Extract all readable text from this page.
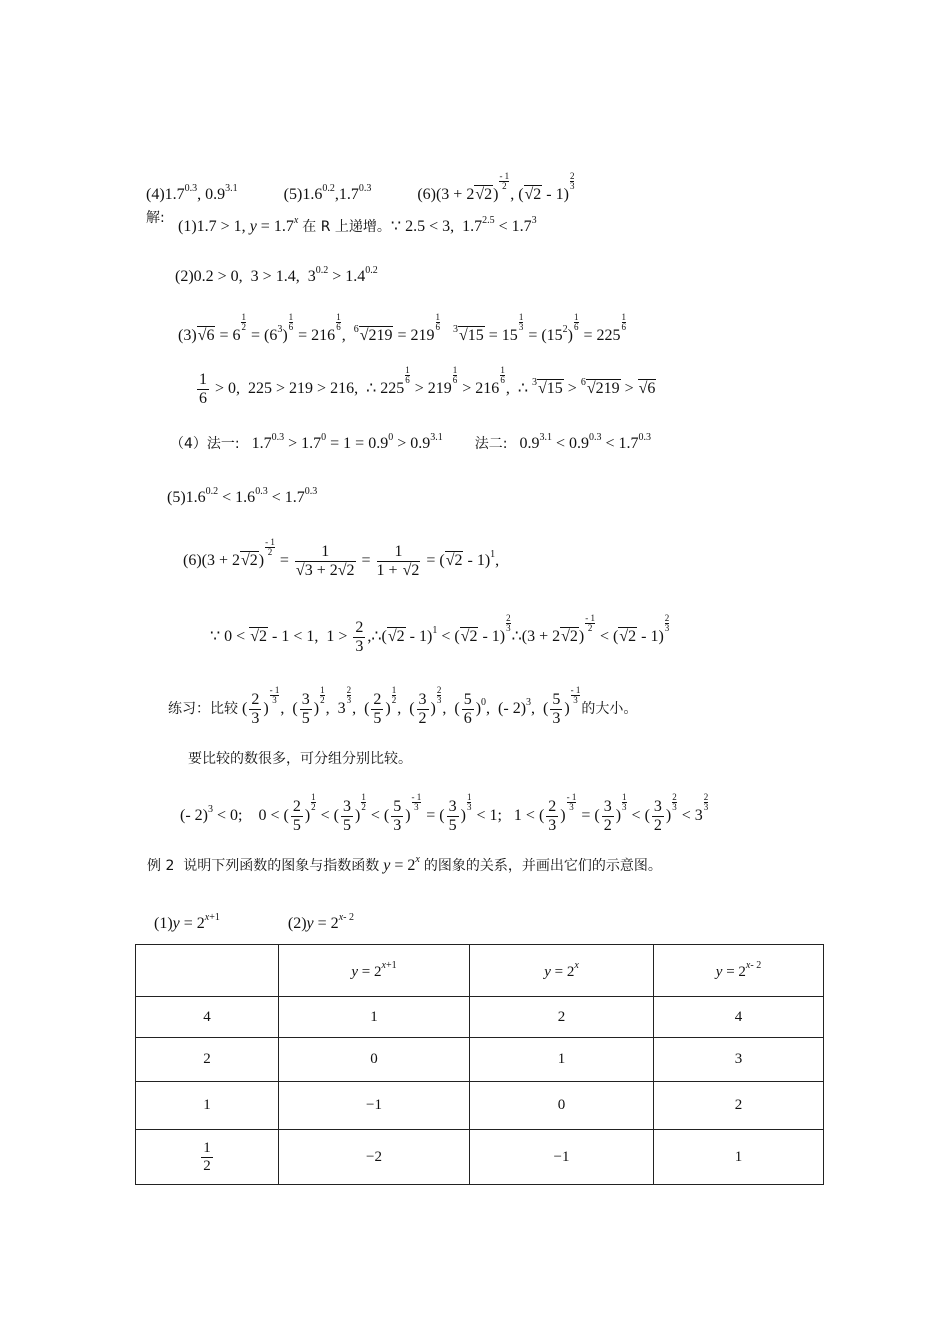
$(4)1.7^{0.3}$, $0.9^{3.1}$	$(5)1.6^{0.2},1.7^{0.3}$	(6)(3 + 2√2)
$\frac{- 1}{2}$
, (√2 - 1)
$\frac{2}{3}$
解: (1)1.7 > 1, $y = 1.7^x$ 在 R 上递增。∵ 2.5 < 3,  $1.7^{2.5} < 1.7^3$
(2)0.2 > 0,  3 > 1.4,  $3^{0.2} > 1.4^{0.2}$
(3)√6 = 6
$\frac{1}{2}$
= $(6^3)$
$\frac{1}{6}$
= 216
$\frac{1}{6}$
,  $^6$√219 = 219
$\frac{1}{6} ^3√15 = 15$
$\frac{1}{3}$
= $(15^2)$
$\frac{1}{6}$
= 225
$\frac{1}{6}$
$\frac{1}{6} > 0$,  225 > 219 > 216,  ∴ 225
$\frac{1}{6}$
> 219
$\frac{1}{6}$
> 216
$\frac{1}{6}$
,  ∴ $^3$√15 > $^6$√219 > √6
（4）法一:   $1.7^{0.3} > 1.7^0 = 1 = 0.9^0 > 0.9^{3.1}$ 法二:   $0.9^{3.1} < 0.9^{0.3} < 1.7^{0.3}$
$(5)1.6^{0.2} < 1.6^{0.3} < 1.7^{0.3}$
(6)(3 + 2√2)
$\frac{- 1}{2}$
= $\frac{1}{√3 + 2√2} = \frac{1}{1 + √2} = (√2 - 1)^1$,
∵ 0 < √2 - 1 < 1,  $1 > \frac{2}{3}$ ,∴(√2 - 1)$^1$ < (√2 - 1)
$\frac{2}{3}$
∴(3 + 2√2)
$\frac{- 1}{2}$
< (√2 - 1)
$\frac{2}{3}$
练习：比较 ( $\frac{2}{3}$ )
$\frac{- 1}{3}$
,  ( $\frac{3}{5}$ )
$\frac{1}{2}$
,  3
$\frac{2}{3}$
,  ( $\frac{2}{5}$ )
$\frac{1}{2}$
,  ( $\frac{3}{2}$ )
$\frac{2}{3}$
,  ( $\frac{5}{6} )^0$,  (- 2)$^3$,  ( $\frac{5}{3}$ )
$\frac{- 1}{3}$
的大小。
要比较的数很多，可分组分别比较。
(- 2)$^3$ < 0;    0 < ( $\frac{2}{5}$ )
$\frac{1}{2}$
< ( $\frac{3}{5}$ )
$\frac{1}{2}$
< ( $\frac{5}{3}$ )
$\frac{- 1}{3}$
= ( $\frac{3}{5}$ )
$\frac{1}{3}$
< 1;   1 < ( $\frac{2}{3}$ )
$\frac{- 1}{3}$
= ( $\frac{3}{2}$ )
$\frac{1}{3}$
< ( $\frac{3}{2}$ )
$\frac{2}{3}$
< 3
$\frac{2}{3}$
例 2  说明下列函数的图象与指数函数 $y = 2^x$ 的图象的关系，并画出它们的示意图。
$(1)y = 2^{x+1}$	$(2)y = 2^{x- 2}$
	$y = 2^{x+1}$	$y = 2^x$	$y = 2^{x- 2}$
4	1	2	4
2	0	1	3
1	−1	0	2

$\frac{1}{2}$	−2	−1	1
